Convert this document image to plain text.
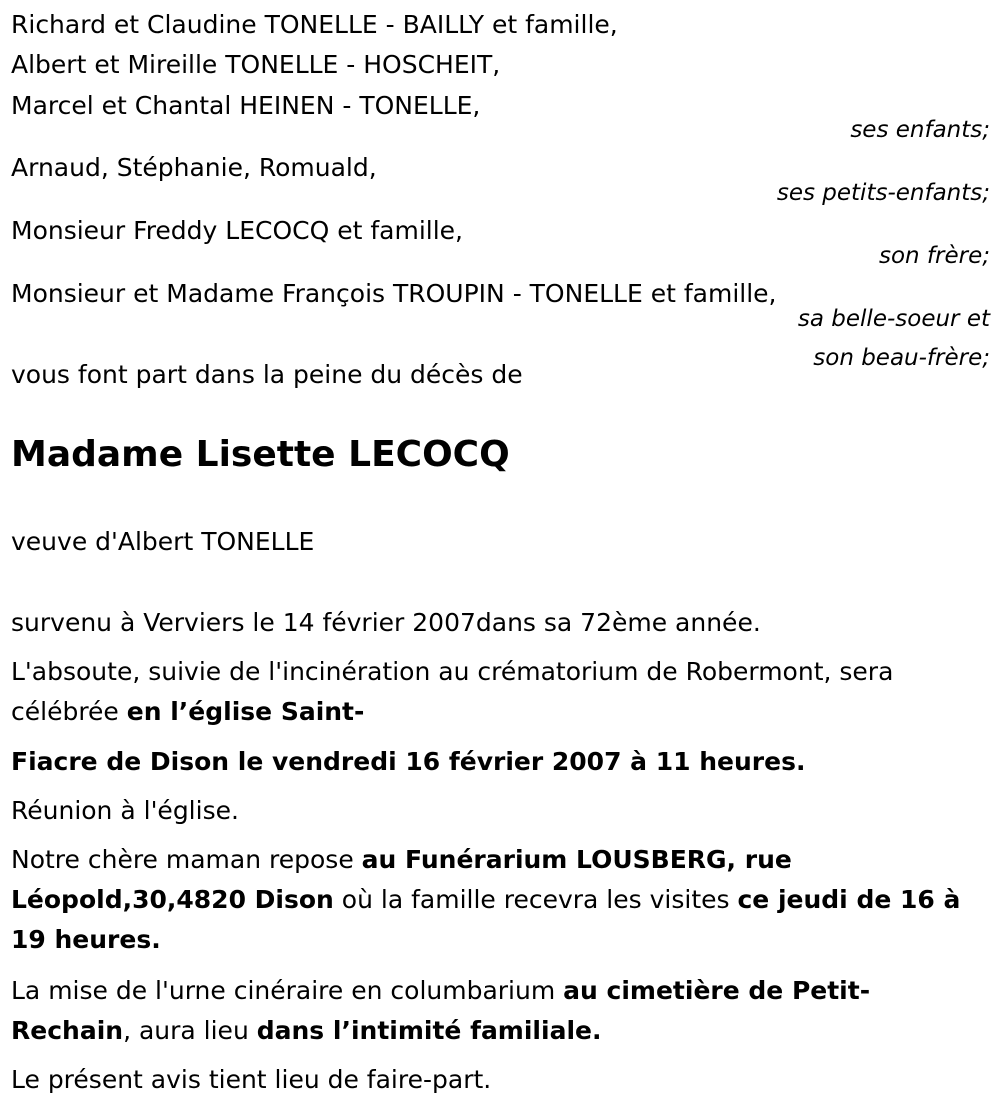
Richard et Claudine TONELLE - BAILLY et famille,
Albert et Mireille TONELLE - HOSCHEIT,
Marcel et Chantal HEINEN - TONELLE,
ses enfants;
Arnaud, Stéphanie, Romuald,
ses petits-enfants;
Monsieur Freddy LECOCQ et famille,
son frère;
Monsieur et Madame François TROUPIN - TONELLE et famille,
sa belle-soeur et
son beau-frère;
vous font part dans la peine du décès de
Madame Lisette LECOCQ
veuve d'Albert TONELLE
survenu à Verviers le 14 février 2007dans sa 72ème année.
L'absoute, suivie de l'incinération au crématorium de Robermont, sera célébrée en l’église Saint-
Fiacre de Dison le vendredi 16 février 2007 à 11 heures.
Réunion à l'église.
Notre chère maman repose au Funérarium LOUSBERG, rue Léopold,30,4820 Dison où la famille recevra les visites ce jeudi de 16 à 19 heures.
La mise de l'urne cinéraire en columbarium au cimetière de Petit-Rechain, aura lieu dans l’intimité familiale.
Le présent avis tient lieu de faire-part.
